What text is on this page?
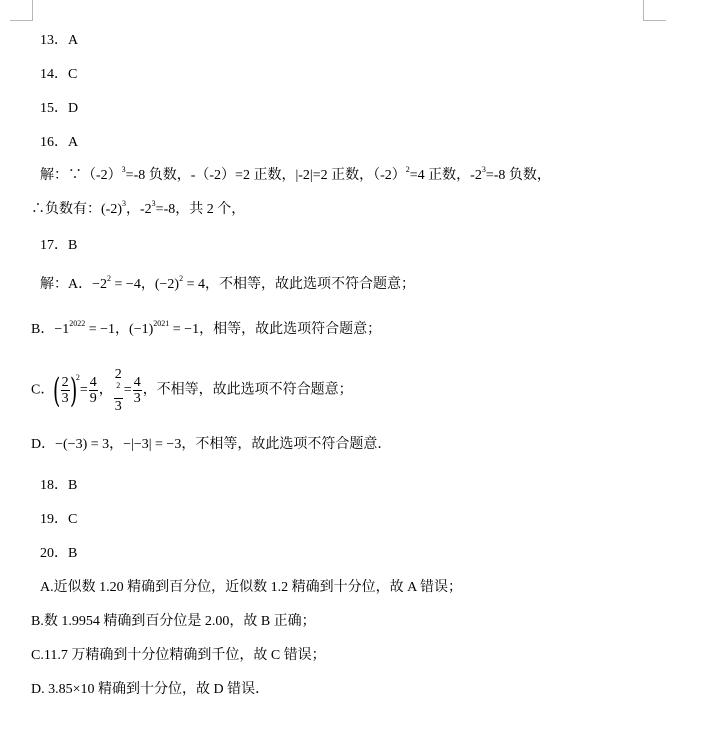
13．A
14．C
15．D
16．A
解：$\because(-2)^3=-8$ 负数，-（-2）=2 正数，|-2|=2 正数，$(-2)^2=4$ 正数，$-2^3=-8$ 负数，
∴负数有：$(-2)^3$，$-2^3=-8$，共 2 个，
17．B
解：A．$-2^2 = -4$，$(-2)^2 = 4$，不相等，故此选项不符合题意；
B．$-1^{2022} = -1$，$(-1)^{2021} = -1$，相等，故此选项符合题意；
C．( $\frac{2}{3} )^2= \frac{4}{9}$ ， 2
$^2$
$3 = \frac{4}{3}$ ，不相等，故此选项不符合题意；
D．−(−3) = 3，−|−3| = −3，不相等，故此选项不符合题意．
18．B
19．C
20．B
A.近似数 1.20 精确到百分位，近似数 1.2 精确到十分位，故 A 错误；
B.数 1.9954 精确到百分位是 2.00，故 B 正确；
C.11.7 万精确到十分位精确到千位，故 C 错误；
D. 3.85×10 精确到十分位，故 D 错误．
